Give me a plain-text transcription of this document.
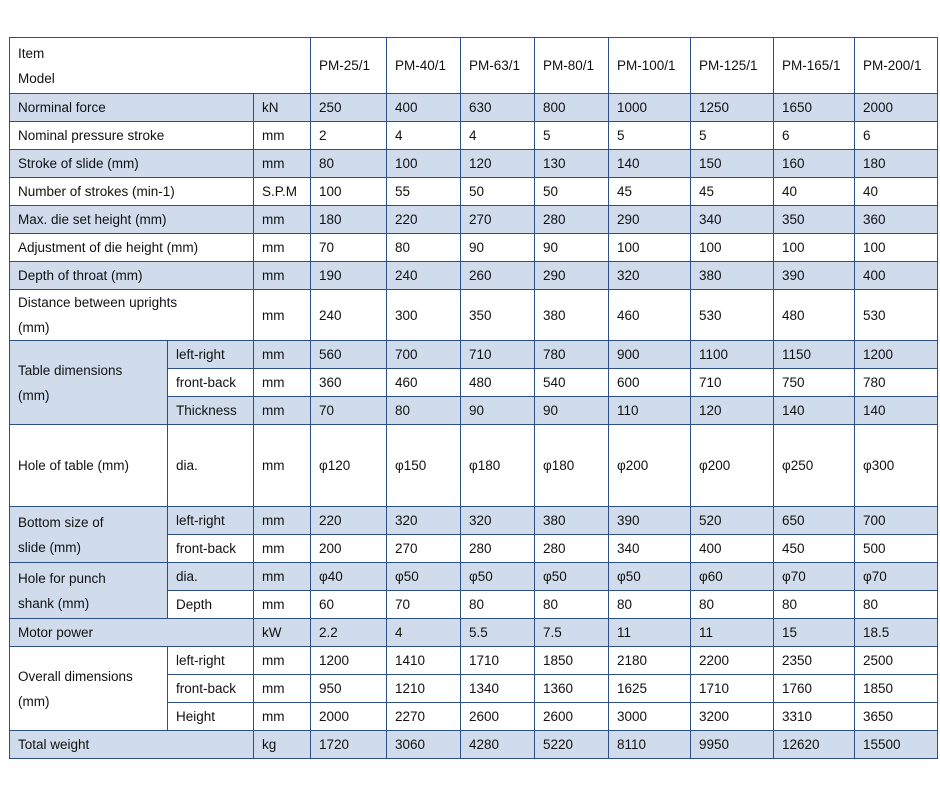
Item
Model			PM-25/1	PM-40/1	PM-63/1	PM-80/1	PM-100/1	PM-125/1	PM-165/1	PM-200/1
Norminal force		kN	250	400	630	800	1000	1250	1650	2000
Nominal pressure stroke		mm	2	4	4	5	5	5	6	6
Stroke of slide (mm)		mm	80	100	120	130	140	150	160	180
Number of strokes (min-1)		S.P.M	100	55	50	50	45	45	40	40
Max. die set height (mm)		mm	180	220	270	280	290	340	350	360
Adjustment of die height (mm)		mm	70	80	90	90	100	100	100	100
Depth of throat (mm)		mm	190	240	260	290	320	380	390	400

Distance between uprights
(mm)		mm	240	300	350	380	460	530	480	530

Table dimensions
(mm)	left-right	mm	560	700	710	780	900	1100	1150	1200
	front-back	mm	360	460	480	540	600	710	750	780
	Thickness	mm	70	80	90	90	110	120	140	140
Hole of table (mm)	dia.	mm	φ120	φ150	φ180	φ180	φ200	φ200	φ250	φ300

Bottom size of
slide (mm)	left-right	mm	220	320	320	380	390	520	650	700
	front-back	mm	200	270	280	280	340	400	450	500

Hole for punch
shank (mm)	dia.	mm	φ40	φ50	φ50	φ50	φ50	φ60	φ70	φ70
	Depth	mm	60	70	80	80	80	80	80	80
Motor power		kW	2.2	4	5.5	7.5	11	11	15	18.5

Overall dimensions
(mm)	left-right	mm	1200	1410	1710	1850	2180	2200	2350	2500
	front-back	mm	950	1210	1340	1360	1625	1710	1760	1850
	Height	mm	2000	2270	2600	2600	3000	3200	3310	3650
Total weight		kg	1720	3060	4280	5220	8110	9950	12620	15500
